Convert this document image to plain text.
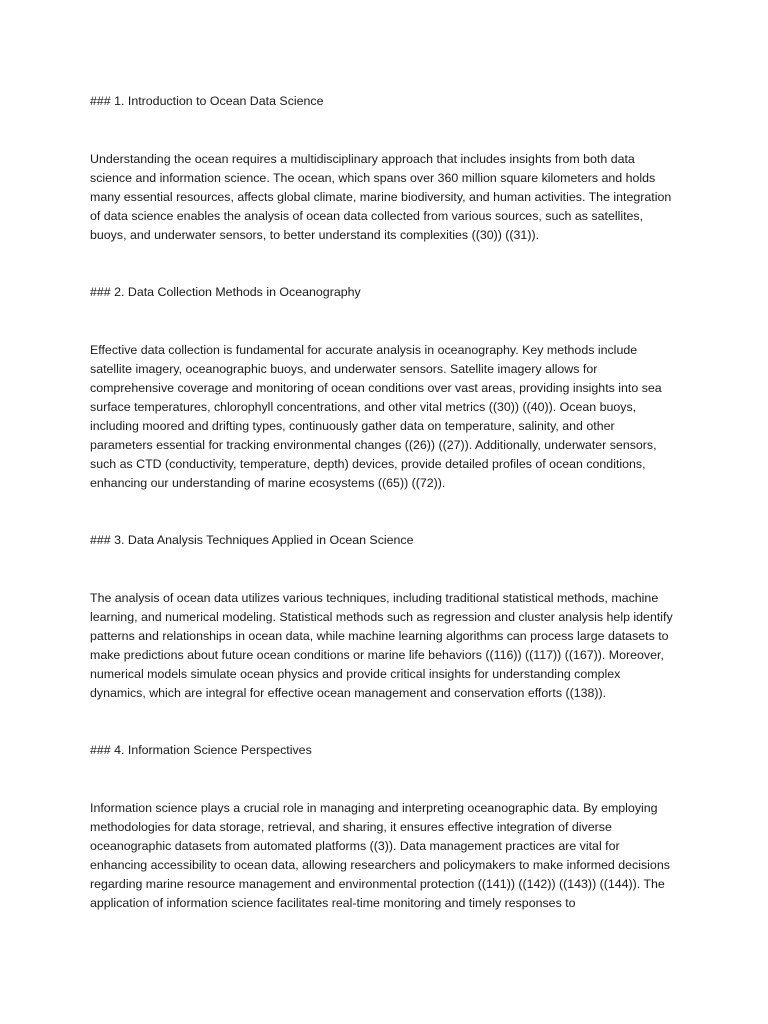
### 1. Introduction to Ocean Data Science

Understanding the ocean requires a multidisciplinary approach that includes insights from both data science and information science. The ocean, which spans over 360 million square kilometers and holds many essential resources, affects global climate, marine biodiversity, and human activities. The integration of data science enables the analysis of ocean data collected from various sources, such as satellites, buoys, and underwater sensors, to better understand its complexities ((30)) ((31)).

### 2. Data Collection Methods in Oceanography

Effective data collection is fundamental for accurate analysis in oceanography. Key methods include satellite imagery, oceanographic buoys, and underwater sensors. Satellite imagery allows for comprehensive coverage and monitoring of ocean conditions over vast areas, providing insights into sea surface temperatures, chlorophyll concentrations, and other vital metrics ((30)) ((40)). Ocean buoys, including moored and drifting types, continuously gather data on temperature, salinity, and other parameters essential for tracking environmental changes ((26)) ((27)). Additionally, underwater sensors, such as CTD (conductivity, temperature, depth) devices, provide detailed profiles of ocean conditions, enhancing our understanding of marine ecosystems ((65)) ((72)).

### 3. Data Analysis Techniques Applied in Ocean Science

The analysis of ocean data utilizes various techniques, including traditional statistical methods, machine learning, and numerical modeling. Statistical methods such as regression and cluster analysis help identify patterns and relationships in ocean data, while machine learning algorithms can process large datasets to make predictions about future ocean conditions or marine life behaviors ((116)) ((117)) ((167)). Moreover, numerical models simulate ocean physics and provide critical insights for understanding complex dynamics, which are integral for effective ocean management and conservation efforts ((138)).

### 4. Information Science Perspectives

Information science plays a crucial role in managing and interpreting oceanographic data. By employing methodologies for data storage, retrieval, and sharing, it ensures effective integration of diverse oceanographic datasets from automated platforms ((3)). Data management practices are vital for enhancing accessibility to ocean data, allowing researchers and policymakers to make informed decisions regarding marine resource management and environmental protection ((141)) ((142)) ((143)) ((144)). The application of information science facilitates real-time monitoring and timely responses to
